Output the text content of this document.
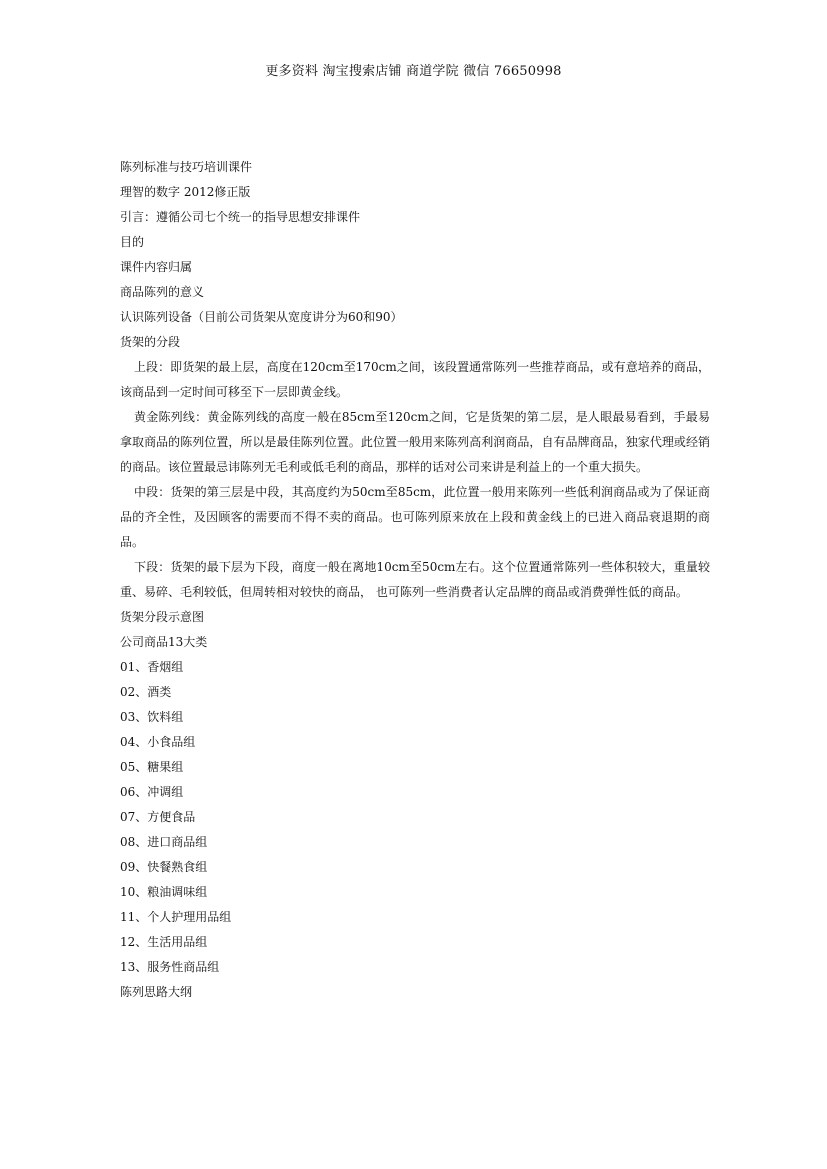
更多资料 淘宝搜索店铺 商道学院 微信 76650998
陈列标准与技巧培训课件
理智的数字 2012修正版
引言：遵循公司七个统一的指导思想安排课件
目的
课件内容归属
商品陈列的意义
认识陈列设备（目前公司货架从宽度讲分为60和90）
货架的分段
上段：即货架的最上层，高度在120cm至170cm之间，该段置通常陈列一些推荐商品，或有意培养的商品，该商品到一定时间可移至下一层即黄金线。
黄金陈列线：黄金陈列线的高度一般在85cm至120cm之间，它是货架的第二层，是人眼最易看到，手最易拿取商品的陈列位置，所以是最佳陈列位置。此位置一般用来陈列高利润商品，自有品牌商品，独家代理或经销的商品。该位置最忌讳陈列无毛利或低毛利的商品，那样的话对公司来讲是利益上的一个重大损失。
中段：货架的第三层是中段，其高度约为50cm至85cm，此位置一般用来陈列一些低利润商品或为了保证商品的齐全性，及因顾客的需要而不得不卖的商品。也可陈列原来放在上段和黄金线上的已进入商品衰退期的商品。
下段：货架的最下层为下段，商度一般在离地10cm至50cm左右。这个位置通常陈列一些体积较大，重量较重、易碎、毛利较低，但周转相对较快的商品， 也可陈列一些消费者认定品牌的商品或消费弹性低的商品。
货架分段示意图
公司商品13大类
01、香烟组
02、酒类
03、饮料组
04、小食品组
05、糖果组
06、冲调组
07、方便食品
08、进口商品组
09、快餐熟食组
10、粮油调味组
11、个人护理用品组
12、生活用品组
13、服务性商品组
陈列思路大纲
